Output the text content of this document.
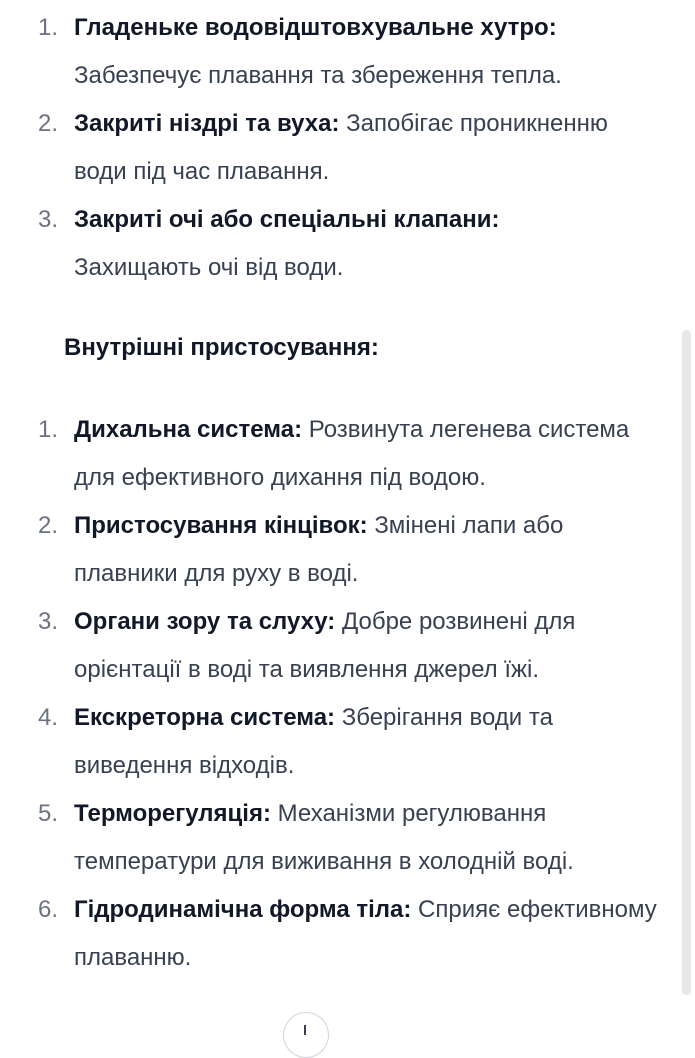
1. Гладеньке водовідштовхувальне хутро:
Забезпечує плавання та збереження тепла.
2. Закриті ніздрі та вуха: Запобігає проникненню води під час плавання.
3. Закриті очі або спеціальні клапани:
Захищають очі від води.
Внутрішні пристосування:
1. Дихальна система: Розвинута легенева система для ефективного дихання під водою.
2. Пристосування кінцівок: Змінені лапи або плавники для руху в воді.
3. Органи зору та слуху: Добре розвинені для орієнтації в воді та виявлення джерел їжі.
4. Екскреторна система: Зберігання води та виведення відходів.
5. Терморегуляція: Механізми регулювання температури для виживання в холодній воді.
6. Гідродинамічна форма тіла: Сприяє ефективному плаванню.
